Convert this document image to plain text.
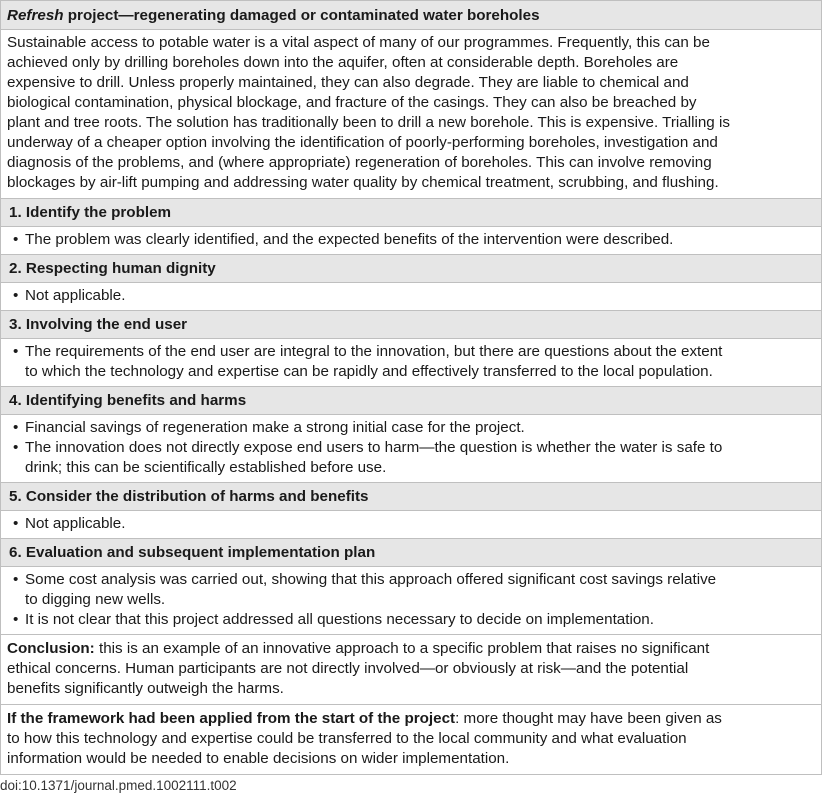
Refresh project—regenerating damaged or contaminated water boreholes
Sustainable access to potable water is a vital aspect of many of our programmes. Frequently, this can be
achieved only by drilling boreholes down into the aquifer, often at considerable depth. Boreholes are
expensive to drill. Unless properly maintained, they can also degrade. They are liable to chemical and
biological contamination, physical blockage, and fracture of the casings. They can also be breached by
plant and tree roots. The solution has traditionally been to drill a new borehole. This is expensive. Trialling is
underway of a cheaper option involving the identification of poorly-performing boreholes, investigation and
diagnosis of the problems, and (where appropriate) regeneration of boreholes. This can involve removing
blockages by air-lift pumping and addressing water quality by chemical treatment, scrubbing, and flushing.
1. Identify the problem
• The problem was clearly identified, and the expected benefits of the intervention were described.
2. Respecting human dignity
• Not applicable.
3. Involving the end user
• The requirements of the end user are integral to the innovation, but there are questions about the extent
to which the technology and expertise can be rapidly and effectively transferred to the local population.
4. Identifying benefits and harms
• Financial savings of regeneration make a strong initial case for the project.
• The innovation does not directly expose end users to harm—the question is whether the water is safe to
drink; this can be scientifically established before use.
5. Consider the distribution of harms and benefits
• Not applicable.
6. Evaluation and subsequent implementation plan
• Some cost analysis was carried out, showing that this approach offered significant cost savings relative
to digging new wells.
• It is not clear that this project addressed all questions necessary to decide on implementation.
Conclusion: this is an example of an innovative approach to a specific problem that raises no significant
ethical concerns. Human participants are not directly involved—or obviously at risk—and the potential
benefits significantly outweigh the harms.
If the framework had been applied from the start of the project: more thought may have been given as
to how this technology and expertise could be transferred to the local community and what evaluation
information would be needed to enable decisions on wider implementation.
doi:10.1371/journal.pmed.1002111.t002
